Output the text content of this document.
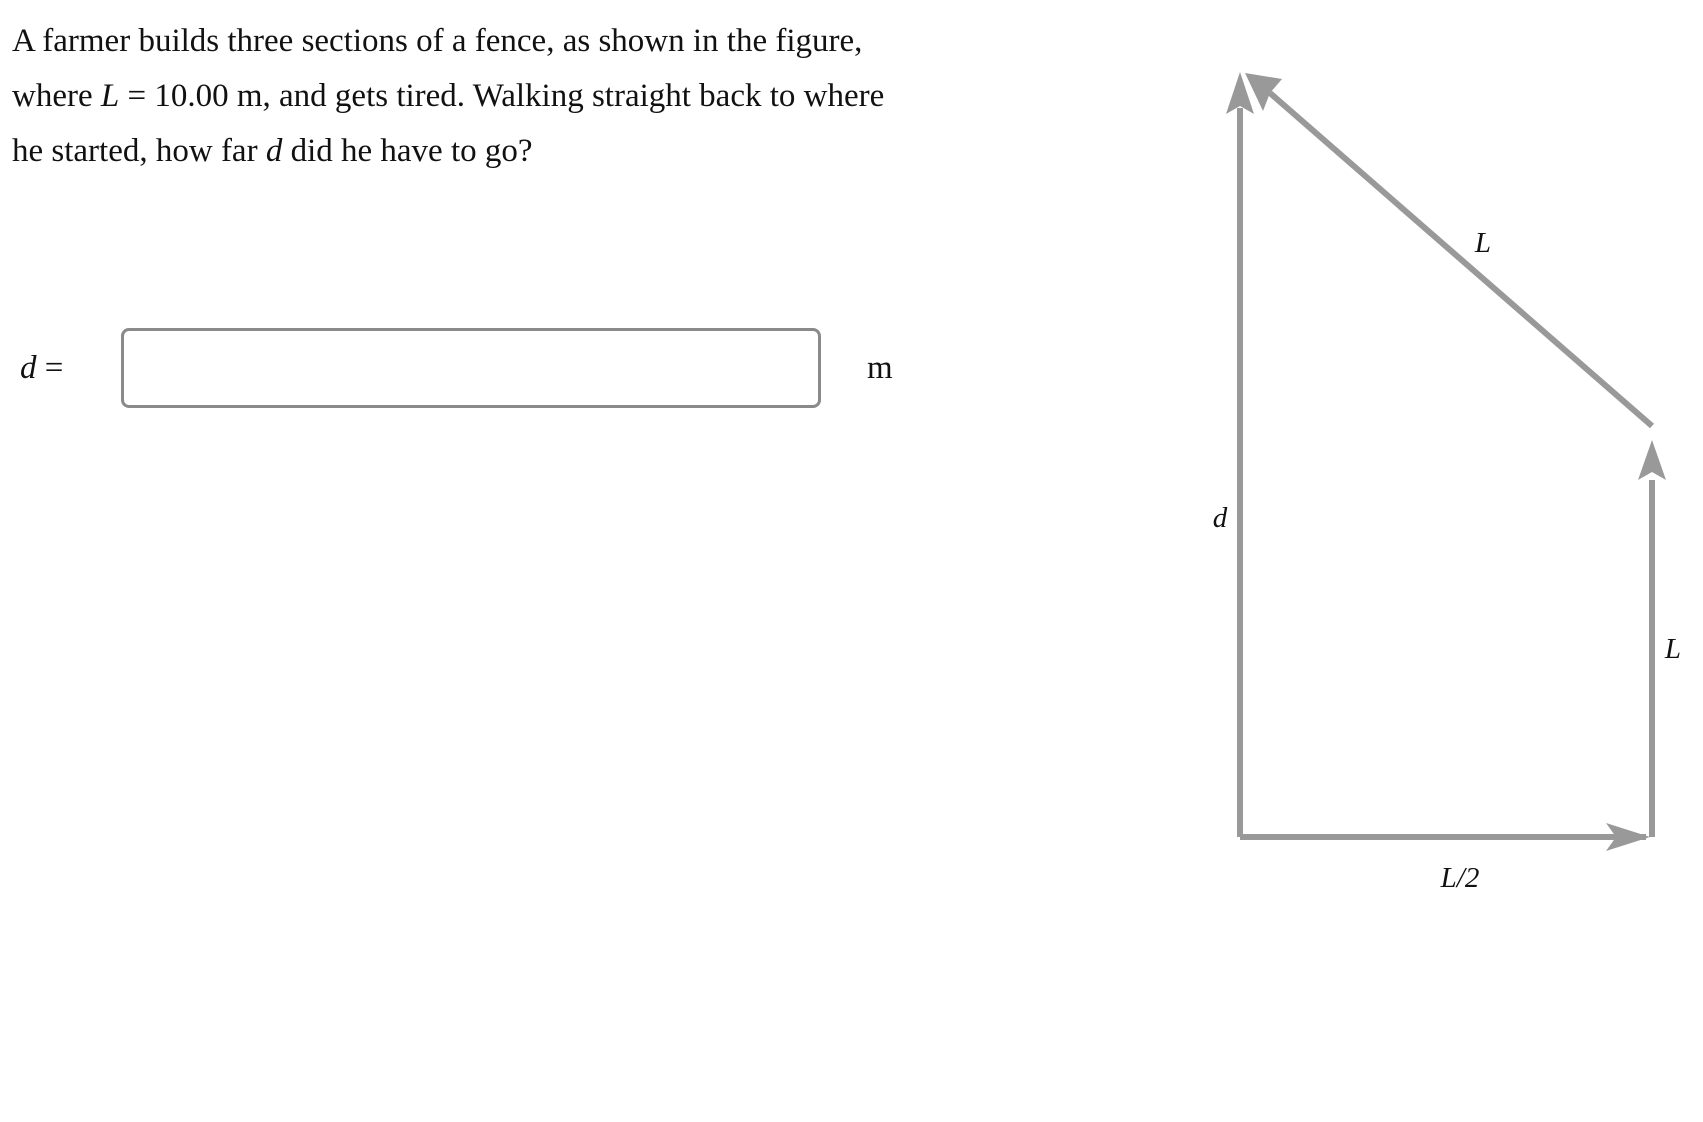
A farmer builds three sections of a fence, as shown in the figure, where L = 10.00 m, and gets tired. Walking straight back to where he started, how far d did he have to go?
d =	m
L/2
L
L
d
